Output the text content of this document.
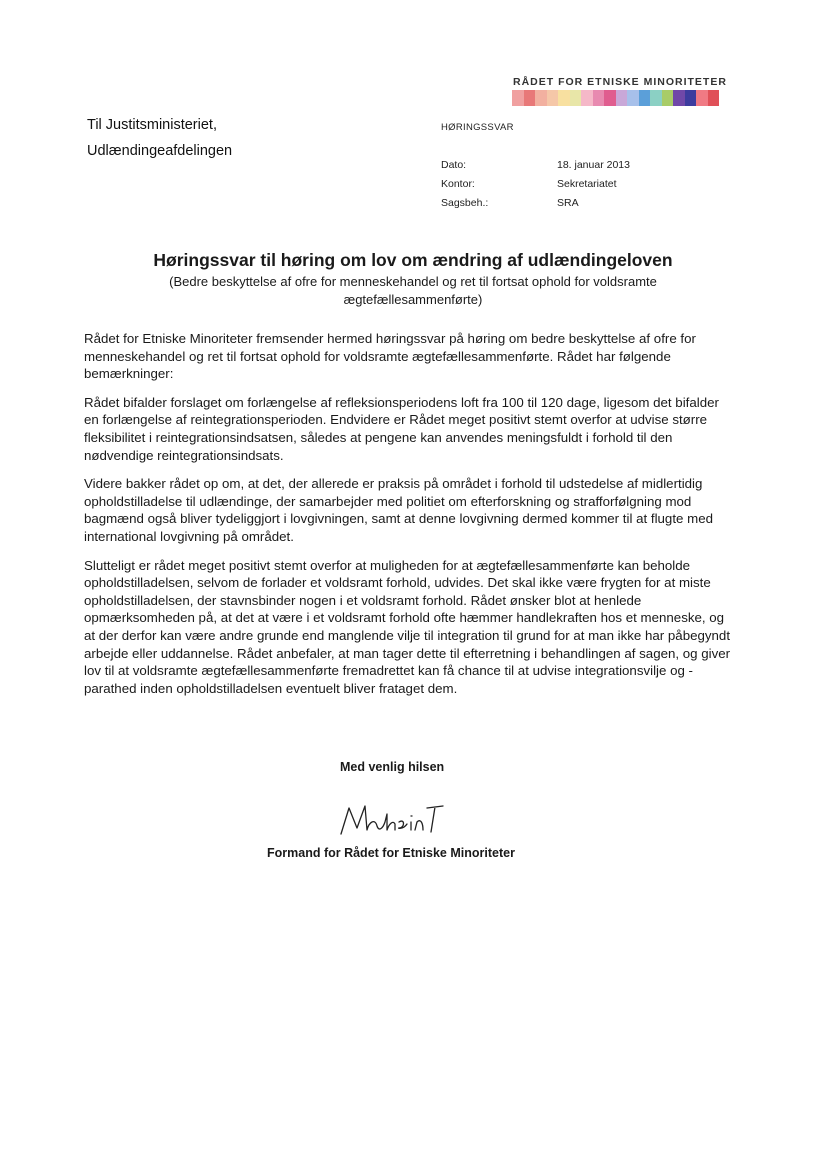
RÅDET FOR ETNISKE MINORITETER
Til Justitsministeriet,
Udlændingeafdelingen
HØRINGSSVAR
Dato:	18. januar 2013
Kontor:	Sekretariatet
Sagsbeh.:	SRA
Høringssvar til høring om lov om ændring af udlændingeloven
(Bedre beskyttelse af ofre for menneskehandel og ret til fortsat ophold for voldsramte ægtefællesammenførte)

Rådet for Etniske Minoriteter fremsender hermed høringssvar på høring om bedre beskyttelse af ofre for menneskehandel og ret til fortsat ophold for voldsramte ægtefællesammenførte. Rådet har følgende bemærkninger:

Rådet bifalder forslaget om forlængelse af refleksionsperiodens loft fra 100 til 120 dage, ligesom det bifalder en forlængelse af reintegrationsperioden. Endvidere er Rådet meget positivt stemt overfor at udvise større fleksibilitet i reintegrationsindsatsen, således at pengene kan anvendes meningsfuldt i forhold til den nødvendige reintegrationsindsats.

Videre bakker rådet op om, at det, der allerede er praksis på området i forhold til udstedelse af midlertidig opholdstilladelse til udlændinge, der samarbejder med politiet om efterforskning og strafforfølgning mod bagmænd også bliver tydeliggjort i lovgivningen, samt at denne lovgivning dermed kommer til at flugte med international lovgivning på området.

Slutteligt er rådet meget positivt stemt overfor at muligheden for at ægtefællesammenførte kan beholde opholdstilladelsen, selvom de forlader et voldsramt forhold, udvides. Det skal ikke være frygten for at miste opholdstilladelsen, der stavnsbinder nogen i et voldsramt forhold. Rådet ønsker blot at henlede opmærksomheden på, at det at være i et voldsramt forhold ofte hæmmer handlekraften hos et menneske, og at der derfor kan være andre grunde end manglende vilje til integration til grund for at man ikke har påbegyndt arbejde eller uddannelse. Rådet anbefaler, at man tager dette til efterretning i behandlingen af sagen, og giver lov til at voldsramte ægtefællesammenførte fremadrettet kan få chance til at udvise integrationsvilje og -parathed inden opholdstilladelsen eventuelt bliver frataget dem.

Med venlig hilsen
Formand for Rådet for Etniske Minoriteter
